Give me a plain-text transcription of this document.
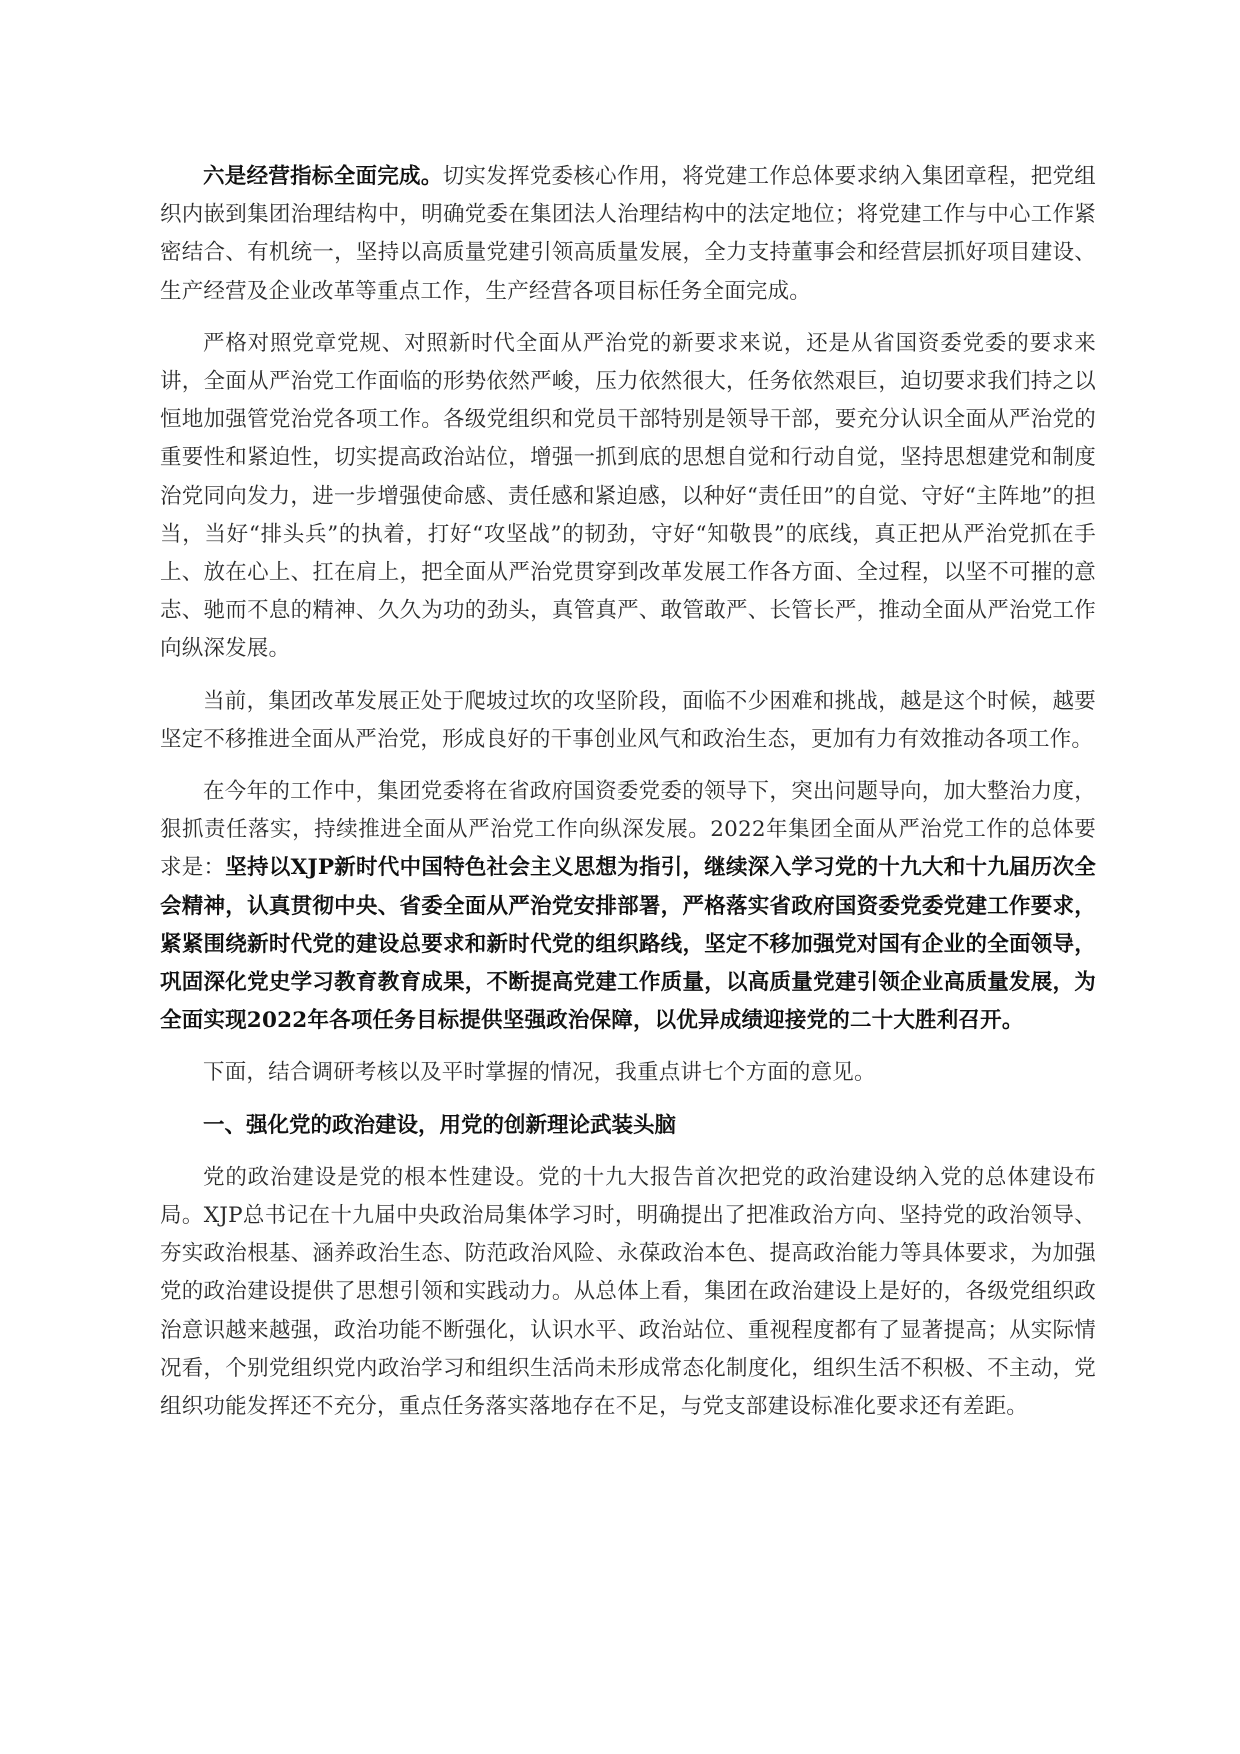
六是经营指标全面完成。切实发挥党委核心作用，将党建工作总体要求纳入集团章程，把党组织内嵌到集团治理结构中，明确党委在集团法人治理结构中的法定地位；将党建工作与中心工作紧密结合、有机统一，坚持以高质量党建引领高质量发展，全力支持董事会和经营层抓好项目建设、生产经营及企业改革等重点工作，生产经营各项目标任务全面完成。

严格对照党章党规、对照新时代全面从严治党的新要求来说，还是从省国资委党委的要求来讲，全面从严治党工作面临的形势依然严峻，压力依然很大，任务依然艰巨，迫切要求我们持之以恒地加强管党治党各项工作。各级党组织和党员干部特别是领导干部，要充分认识全面从严治党的重要性和紧迫性，切实提高政治站位，增强一抓到底的思想自觉和行动自觉，坚持思想建党和制度治党同向发力，进一步增强使命感、责任感和紧迫感，以种好“责任田”的自觉、守好“主阵地”的担当，当好“排头兵”的执着，打好“攻坚战”的韧劲，守好“知敬畏”的底线，真正把从严治党抓在手上、放在心上、扛在肩上，把全面从严治党贯穿到改革发展工作各方面、全过程，以坚不可摧的意志、驰而不息的精神、久久为功的劲头，真管真严、敢管敢严、长管长严，推动全面从严治党工作向纵深发展。

当前，集团改革发展正处于爬坡过坎的攻坚阶段，面临不少困难和挑战，越是这个时候，越要坚定不移推进全面从严治党，形成良好的干事创业风气和政治生态，更加有力有效推动各项工作。

在今年的工作中，集团党委将在省政府国资委党委的领导下，突出问题导向，加大整治力度，狠抓责任落实，持续推进全面从严治党工作向纵深发展。2022年集团全面从严治党工作的总体要求是：坚持以XJP新时代中国特色社会主义思想为指引，继续深入学习党的十九大和十九届历次全会精神，认真贯彻中央、省委全面从严治党安排部署，严格落实省政府国资委党委党建工作要求，紧紧围绕新时代党的建设总要求和新时代党的组织路线，坚定不移加强党对国有企业的全面领导，巩固深化党史学习教育教育成果，不断提高党建工作质量，以高质量党建引领企业高质量发展，为全面实现2022年各项任务目标提供坚强政治保障，以优异成绩迎接党的二十大胜利召开。

下面，结合调研考核以及平时掌握的情况，我重点讲七个方面的意见。

一、强化党的政治建设，用党的创新理论武装头脑

党的政治建设是党的根本性建设。党的十九大报告首次把党的政治建设纳入党的总体建设布局。XJP总书记在十九届中央政治局集体学习时，明确提出了把准政治方向、坚持党的政治领导、夯实政治根基、涵养政治生态、防范政治风险、永葆政治本色、提高政治能力等具体要求，为加强党的政治建设提供了思想引领和实践动力。从总体上看，集团在政治建设上是好的，各级党组织政治意识越来越强，政治功能不断强化，认识水平、政治站位、重视程度都有了显著提高；从实际情况看，个别党组织党内政治学习和组织生活尚未形成常态化制度化，组织生活不积极、不主动，党组织功能发挥还不充分，重点任务落实落地存在不足，与党支部建设标准化要求还有差距。
